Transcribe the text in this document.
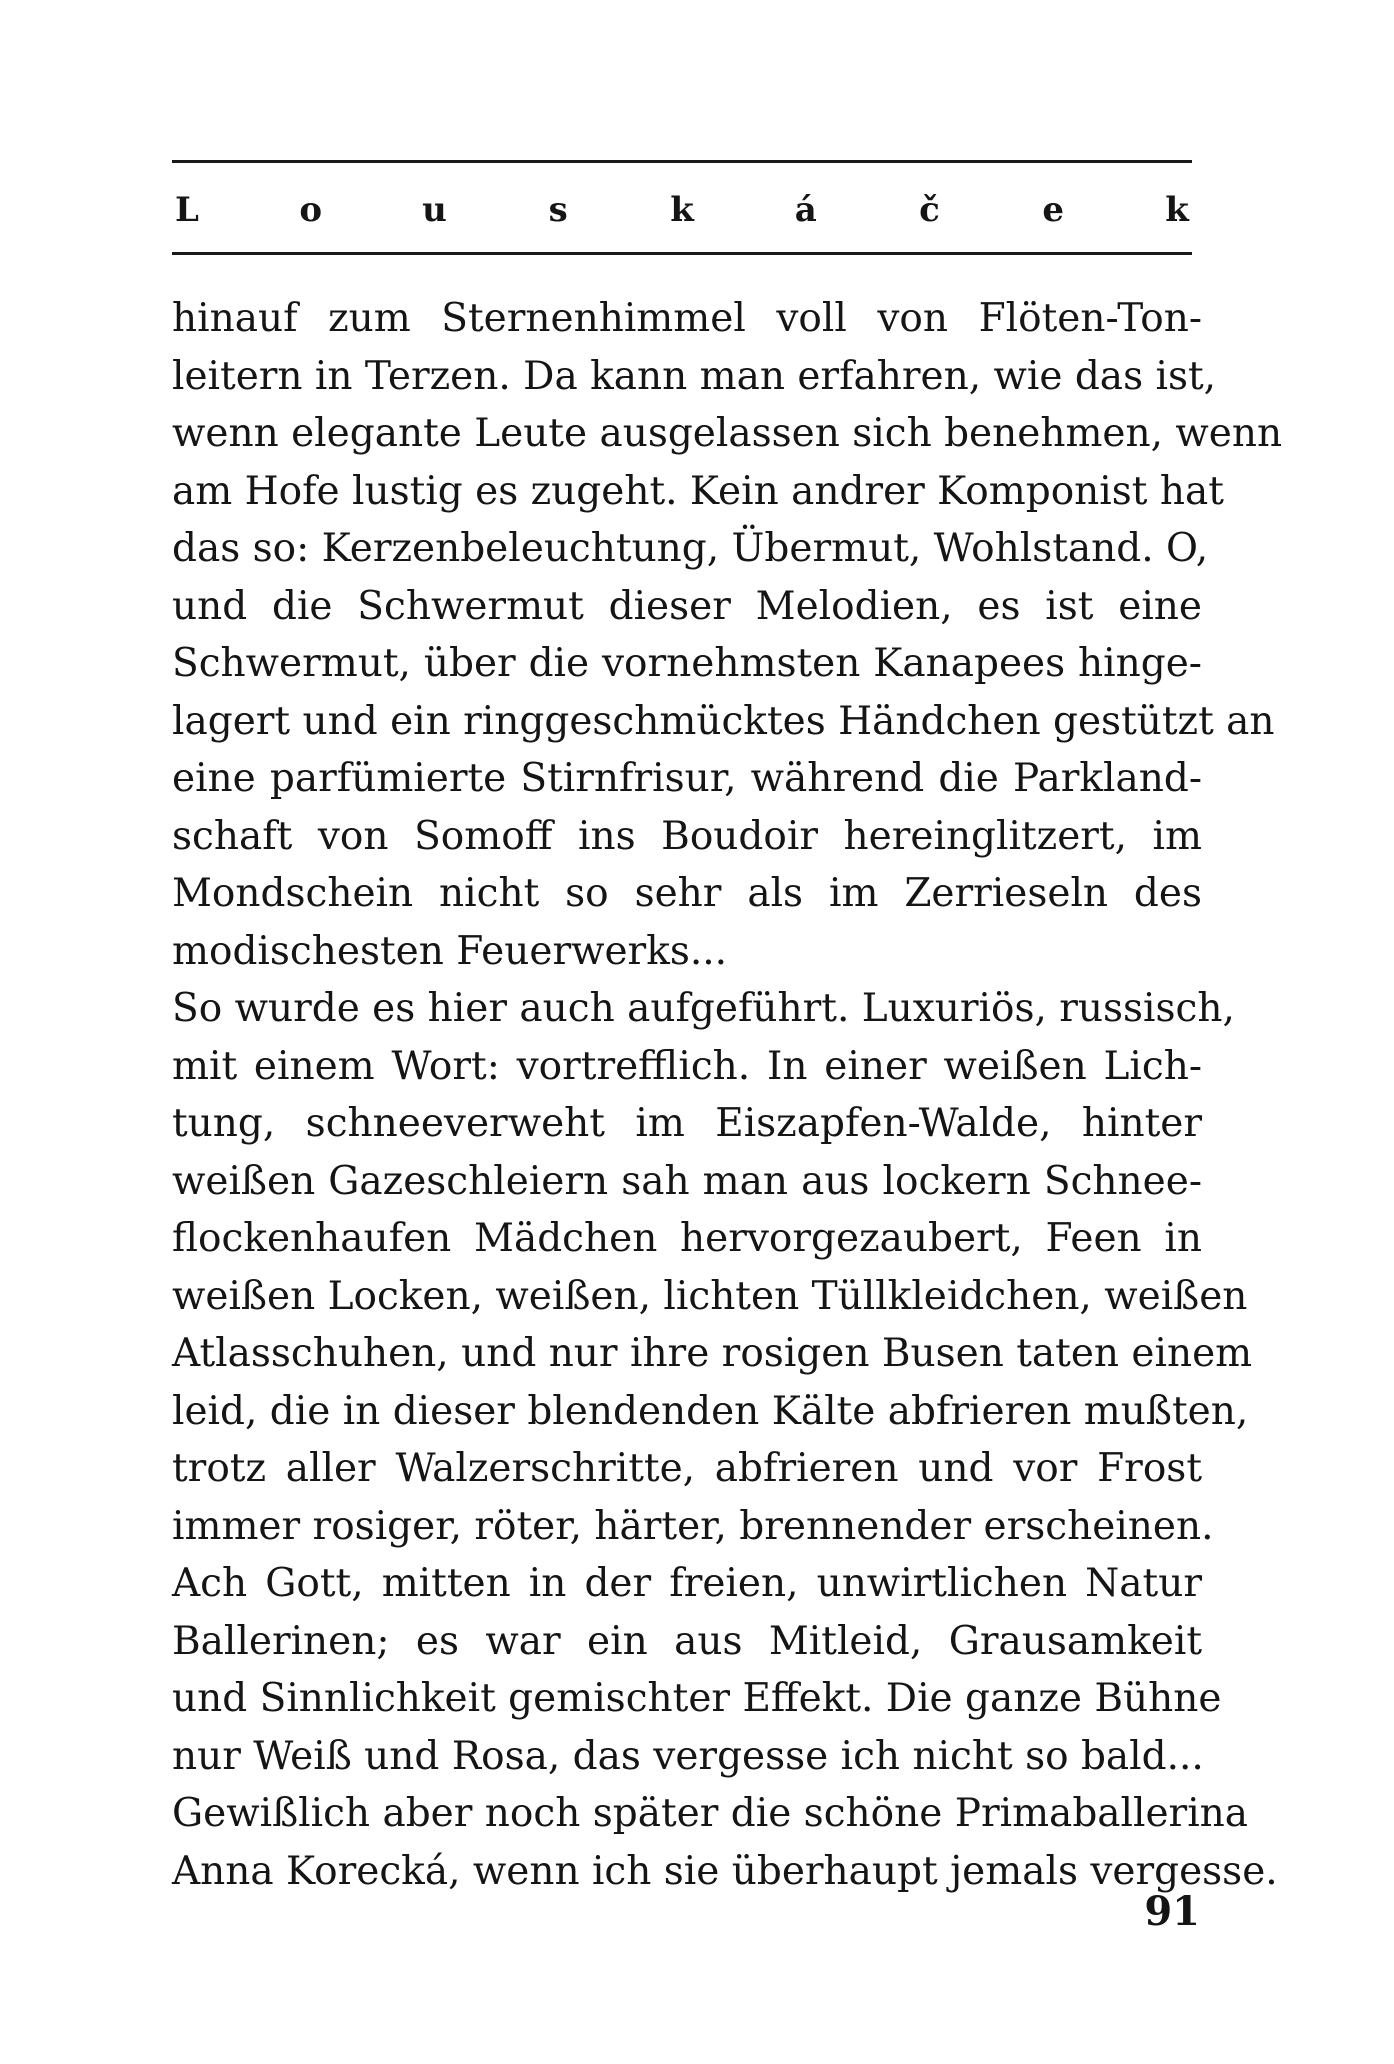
L	o	u	s	k	á	č	e	k
hinauf zum Sternenhimmel voll von Flöten-Ton-
leitern in Terzen. Da kann man erfahren, wie das ist,
wenn elegante Leute ausgelassen sich benehmen, wenn
am Hofe lustig es zugeht. Kein andrer Komponist hat
das so: Kerzenbeleuchtung, Übermut, Wohlstand. O,
und die Schwermut dieser Melodien, es ist eine
Schwermut, über die vornehmsten Kanapees hinge-
lagert und ein ringgeschmücktes Händchen gestützt an
eine parfümierte Stirnfrisur, während die Parkland-
schaft von Somoff ins Boudoir hereinglitzert, im
Mondschein nicht so sehr als im Zerrieseln des
modischesten Feuerwerks...
So wurde es hier auch aufgeführt. Luxuriös, russisch,
mit einem Wort: vortrefflich. In einer weißen Lich-
tung, schneeverweht im Eiszapfen-Walde, hinter
weißen Gazeschleiern sah man aus lockern Schnee-
flockenhaufen Mädchen hervorgezaubert, Feen in
weißen Locken, weißen, lichten Tüllkleidchen, weißen
Atlasschuhen, und nur ihre rosigen Busen taten einem
leid, die in dieser blendenden Kälte abfrieren mußten,
trotz aller Walzerschritte, abfrieren und vor Frost
immer rosiger, röter, härter, brennender erscheinen.
Ach Gott, mitten in der freien, unwirtlichen Natur
Ballerinen; es war ein aus Mitleid, Grausamkeit
und Sinnlichkeit gemischter Effekt. Die ganze Bühne
nur Weiß und Rosa, das vergesse ich nicht so bald...
Gewißlich aber noch später die schöne Primaballerina
Anna Korecká, wenn ich sie überhaupt jemals vergesse.
91
